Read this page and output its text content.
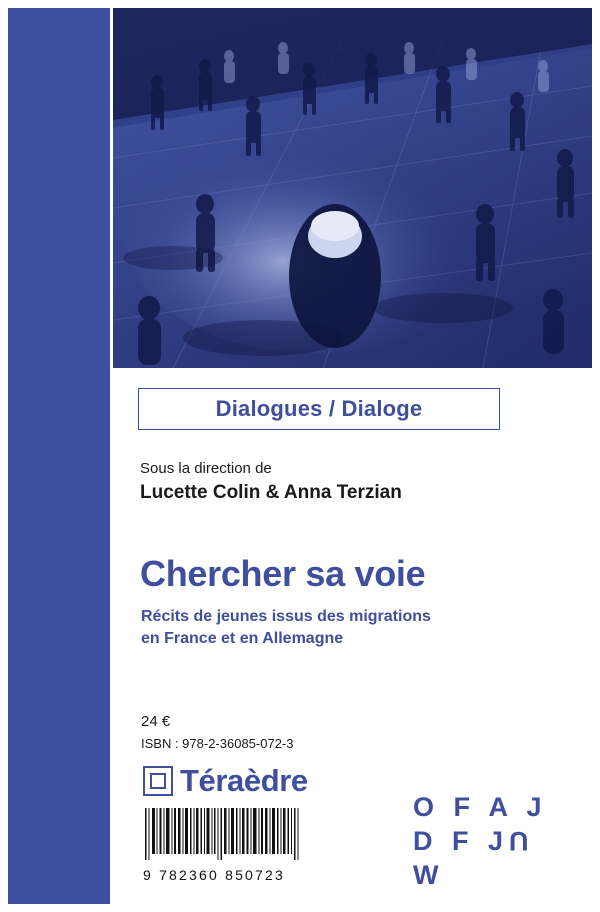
Dialogues / Dialoge
Sous la direction de
Lucette Colin & Anna Terzian
Chercher sa voie
Récits de jeunes issus des migrations
en France et en Allemagne
24 €
ISBN : 978-2-36085-072-3
Téraèdre
9 782360 850723
O F A J
D F JUW
